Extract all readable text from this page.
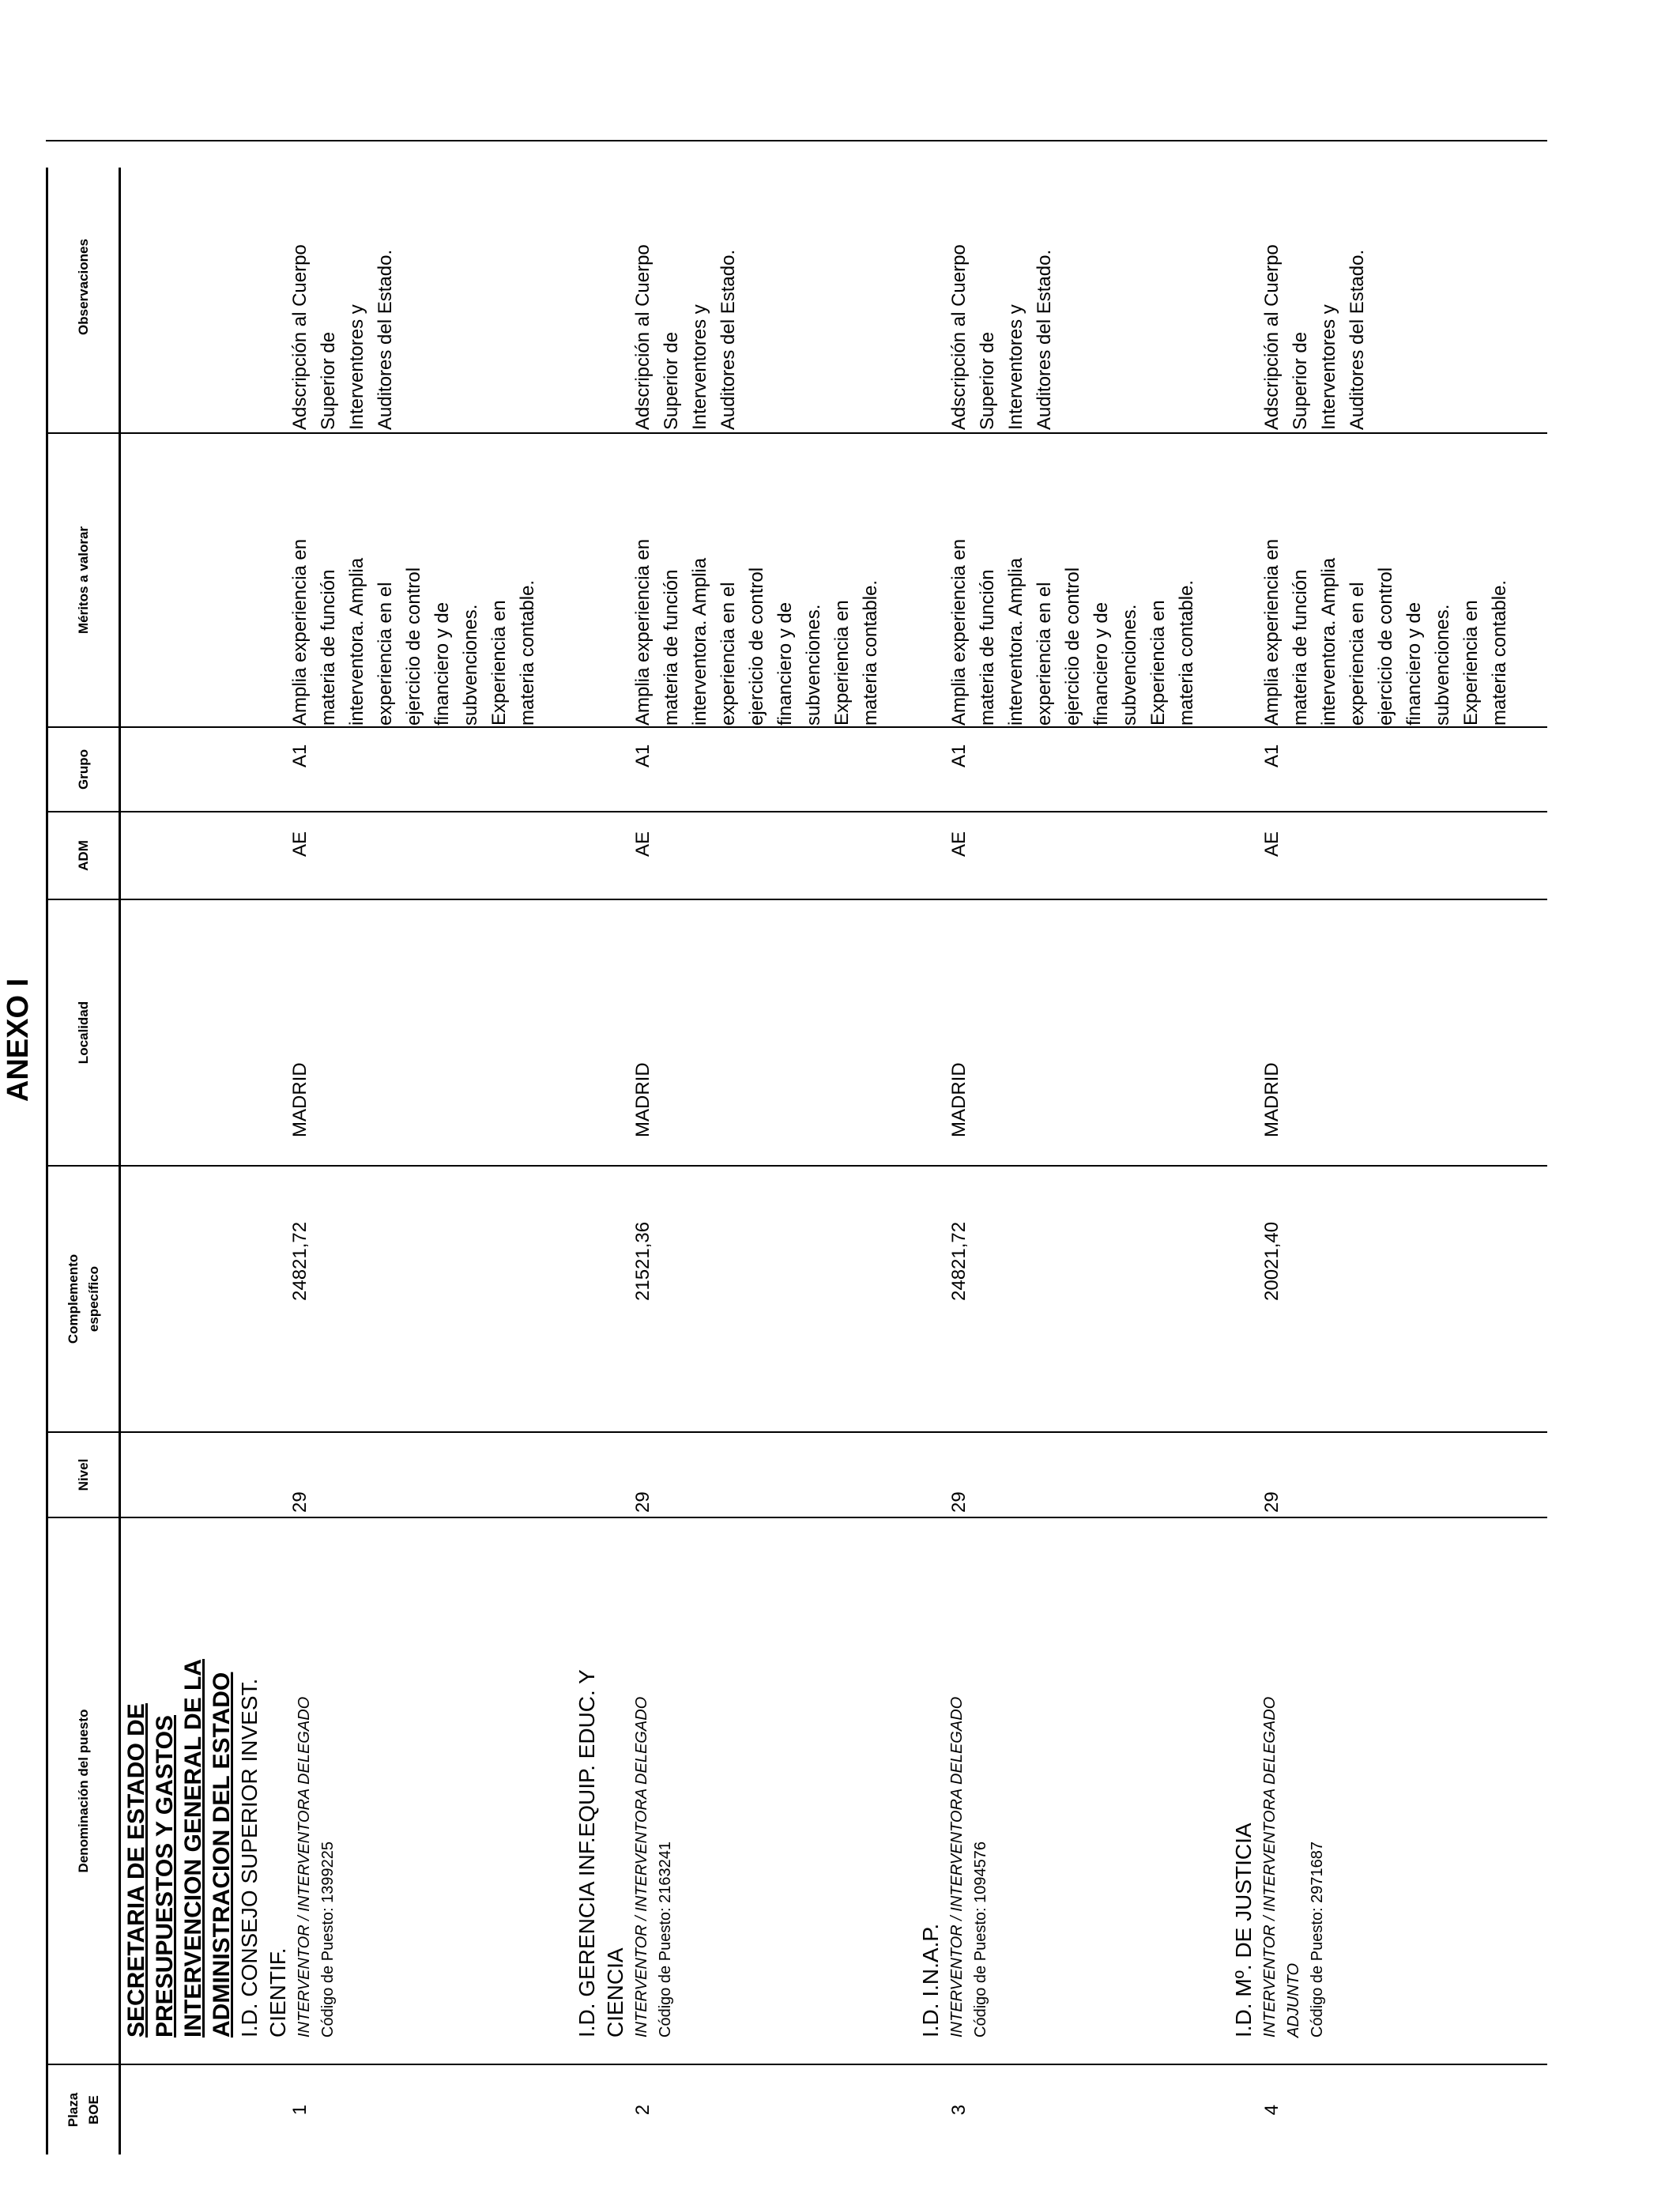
ANEXO I
Plaza BOE
Denominación del puesto
Nivel
Complemento específico
Localidad
ADM
Grupo
Méritos a valorar
Observaciones
SECRETARIA DE ESTADO DE PRESUPUESTOS Y GASTOS INTERVENCION GENERAL DE LA ADMINISTRACION DEL ESTADO
1
I.D. CONSEJO SUPERIOR INVEST. CIENTIF. INTERVENTOR / INTERVENTORA DELEGADO Código de Puesto: 1399225
29
24821,72
MADRID
AE
A1
Amplia experiencia en materia de función interventora. Amplia experiencia en el ejercicio de control financiero y de subvenciones. Experiencia en materia contable.
Adscripción al Cuerpo Superior de Interventores y Auditores del Estado.
2
I.D. GERENCIA INF.EQUIP. EDUC. Y CIENCIA INTERVENTOR / INTERVENTORA DELEGADO Código de Puesto: 2163241
29
21521,36
MADRID
AE
A1
Amplia experiencia en materia de función interventora. Amplia experiencia en el ejercicio de control financiero y de subvenciones. Experiencia en materia contable.
Adscripción al Cuerpo Superior de Interventores y Auditores del Estado.
3
I.D. I.N.A.P. INTERVENTOR / INTERVENTORA DELEGADO Código de Puesto: 1094576
29
24821,72
MADRID
AE
A1
Amplia experiencia en materia de función interventora. Amplia experiencia en el ejercicio de control financiero y de subvenciones. Experiencia en materia contable.
Adscripción al Cuerpo Superior de Interventores y Auditores del Estado.
4
I.D. Mº. DE JUSTICIA INTERVENTOR / INTERVENTORA DELEGADO ADJUNTO Código de Puesto: 2971687
29
20021,40
MADRID
AE
A1
Amplia experiencia en materia de función interventora. Amplia experiencia en el ejercicio de control financiero y de subvenciones. Experiencia en materia contable.
Adscripción al Cuerpo Superior de Interventores y Auditores del Estado.
